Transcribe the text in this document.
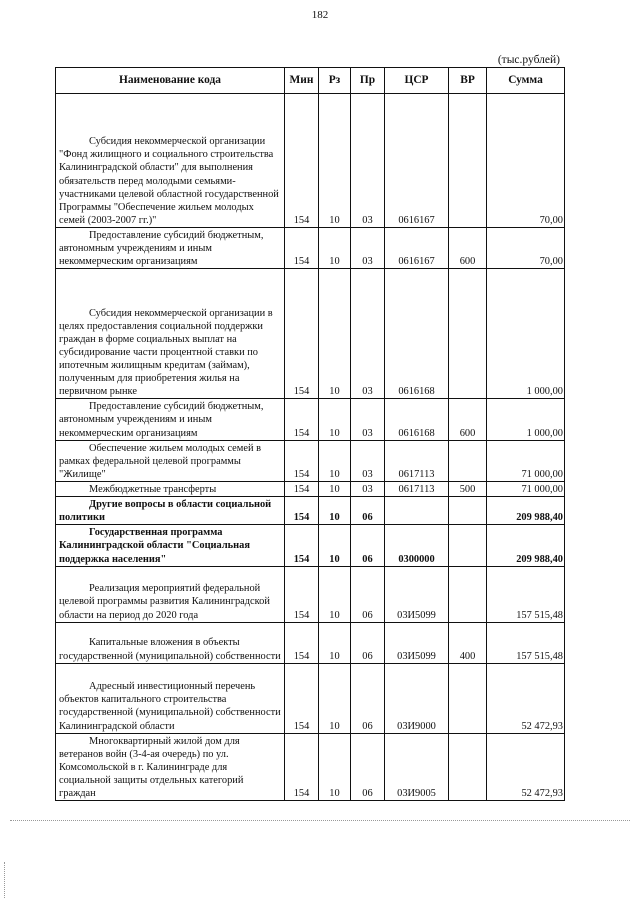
182
(тыс.рублей)
Наименование кода	Мин	Рз	Пр	ЦСР	ВР	Сумма
Субсидия некоммерческой организации "Фонд жилищного и социального строительства Калининградской области" для выполнения обязательств перед молодыми семьями-участниками целевой областной государственной Программы "Обеспечение жильем молодых семей (2003-2007 гг.)"	154	10	03	0616167		70,00
Предоставление субсидий бюджетным, автономным учреждениям и иным некоммерческим организациям	154	10	03	0616167	600	70,00
Субсидия некоммерческой организации в целях предоставления социальной поддержки граждан в форме социальных выплат на субсидирование части процентной ставки по ипотечным жилищным кредитам (займам), полученным для приобретения жилья на первичном рынке	154	10	03	0616168		1 000,00
Предоставление субсидий бюджетным, автономным учреждениям и иным некоммерческим организациям	154	10	03	0616168	600	1 000,00
Обеспечение жильем молодых семей в рамках федеральной целевой программы "Жилище"	154	10	03	0617113		71 000,00
Межбюджетные трансферты	154	10	03	0617113	500	71 000,00
Другие вопросы в области социальной политики	154	10	06			209 988,40
Государственная программа Калининградской области "Социальная поддержка населения"	154	10	06	0300000		209 988,40
Реализация мероприятий федеральной целевой программы развития Калининградской области на период до 2020 года	154	10	06	03И5099		157 515,48
Капитальные вложения в объекты государственной (муниципальной) собственности	154	10	06	03И5099	400	157 515,48
Адресный инвестиционный перечень объектов капитального строительства государственной (муниципальной) собственности Калининградской области	154	10	06	03И9000		52 472,93
Многоквартирный жилой дом для ветеранов войн (3-4-ая очередь) по ул. Комсомольской в г. Калининграде для социальной защиты отдельных категорий граждан	154	10	06	03И9005		52 472,93
